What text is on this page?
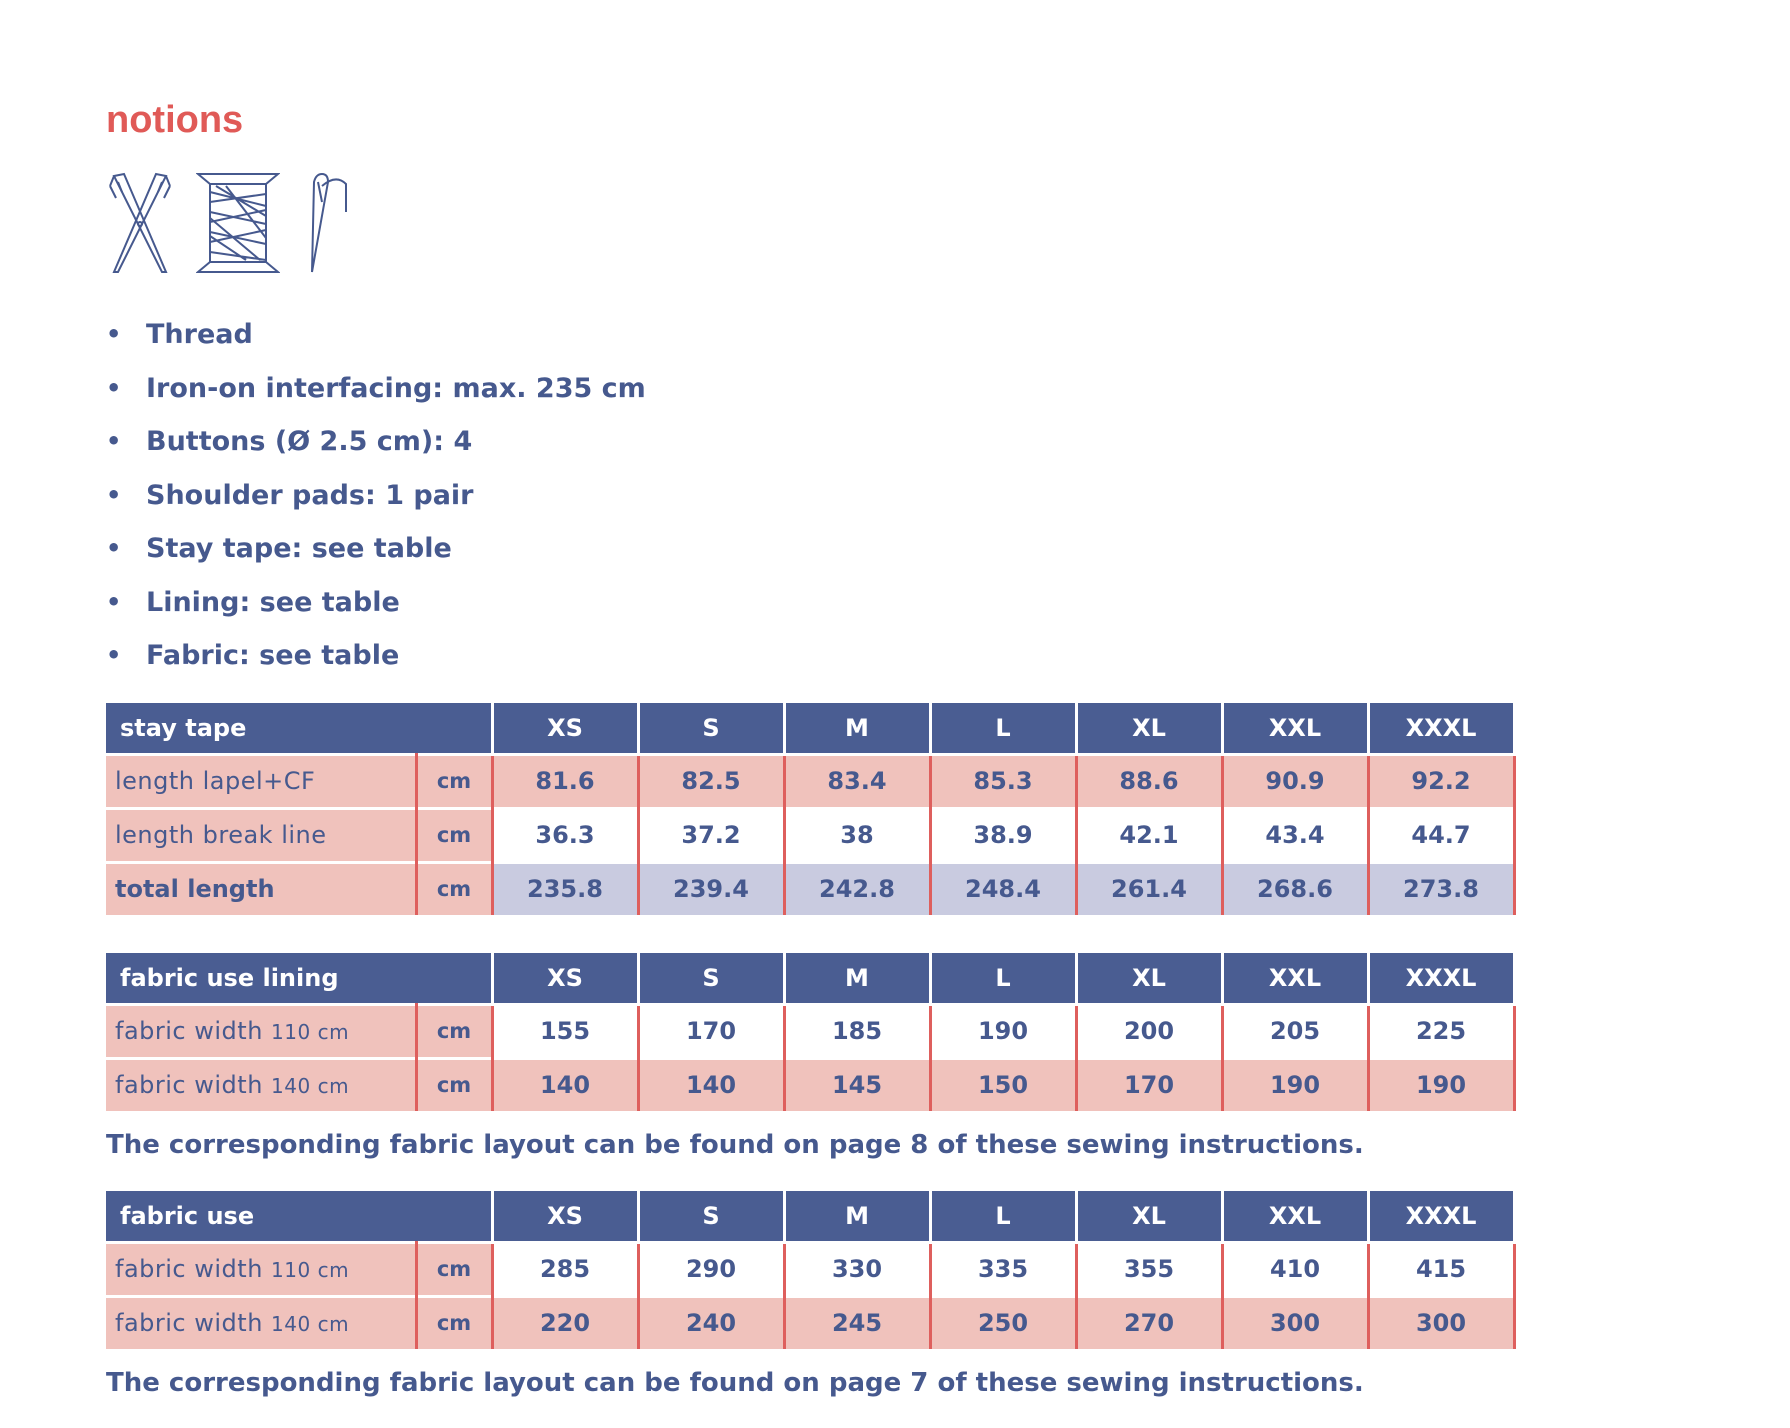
notions
• Thread
• Iron-on interfacing: max. 235 cm
• Buttons (Ø 2.5 cm): 4
• Shoulder pads: 1 pair
• Stay tape: see table
• Lining: see table
• Fabric: see table
stay tape		XS	S	M	L	XL	XXL	XXXL
length lapel+CF	cm	81.6	82.5	83.4	85.3	88.6	90.9	92.2
length break line	cm	36.3	37.2	38	38.9	42.1	43.4	44.7
total length	cm	235.8	239.4	242.8	248.4	261.4	268.6	273.8
fabric use lining		XS	S	M	L	XL	XXL	XXXL
fabric width 110 cm	cm	155	170	185	190	200	205	225
fabric width 140 cm	cm	140	140	145	150	170	190	190

The corresponding fabric layout can be found on page 8 of these sewing instructions.

fabric use		XS	S	M	L	XL	XXL	XXXL
fabric width 110 cm	cm	285	290	330	335	355	410	415
fabric width 140 cm	cm	220	240	245	250	270	300	300

The corresponding fabric layout can be found on page 7 of these sewing instructions.
